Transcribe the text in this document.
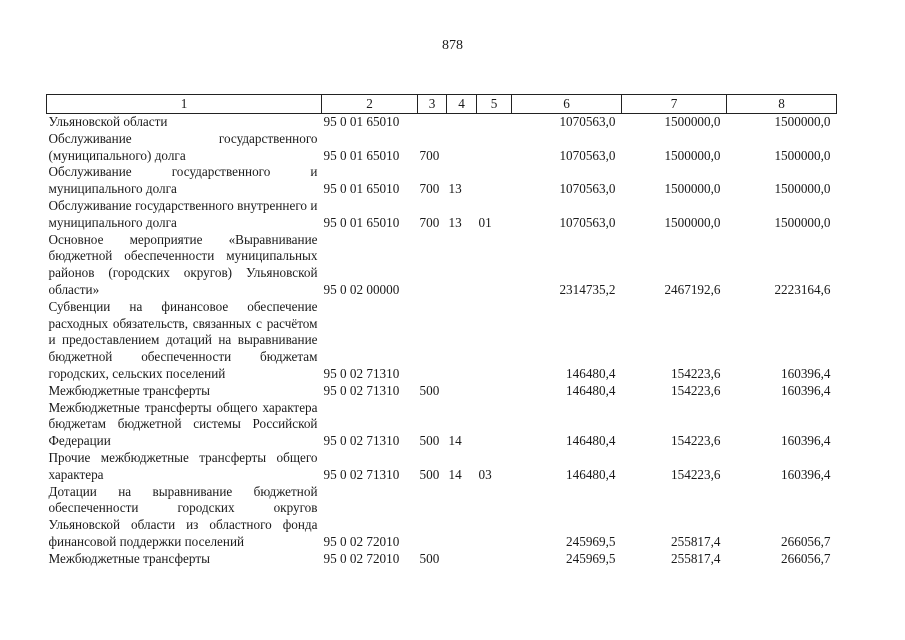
878
1	2	3	4	5	6	7	8
Ульяновской области	95 0 01 65010				1070563,0	1500000,0	1500000,0
Обслуживание государственного (муниципального) долга	95 0 01 65010	700			1070563,0	1500000,0	1500000,0
Обслуживание государственного и муниципального долга	95 0 01 65010	700	13		1070563,0	1500000,0	1500000,0
Обслуживание государственного внутреннего и муниципального долга	95 0 01 65010	700	13	01	1070563,0	1500000,0	1500000,0
Основное мероприятие «Выравнивание бюджетной обеспеченности муниципальных районов (городских округов) Ульяновской области»	95 0 02 00000				2314735,2	2467192,6	2223164,6
Субвенции на финансовое обеспечение расходных обязательств, связанных с расчётом и предоставлением дотаций на выравнивание бюджетной обеспеченности бюджетам городских, сельских поселений	95 0 02 71310				146480,4	154223,6	160396,4
Межбюджетные трансферты	95 0 02 71310	500			146480,4	154223,6	160396,4
Межбюджетные трансферты общего характера бюджетам бюджетной системы Российской Федерации	95 0 02 71310	500	14		146480,4	154223,6	160396,4
Прочие межбюджетные трансферты общего характера	95 0 02 71310	500	14	03	146480,4	154223,6	160396,4
Дотации на выравнивание бюджетной обеспеченности городских округов Ульяновской области из областного фонда финансовой поддержки поселений	95 0 02 72010				245969,5	255817,4	266056,7
Межбюджетные трансферты	95 0 02 72010	500			245969,5	255817,4	266056,7
